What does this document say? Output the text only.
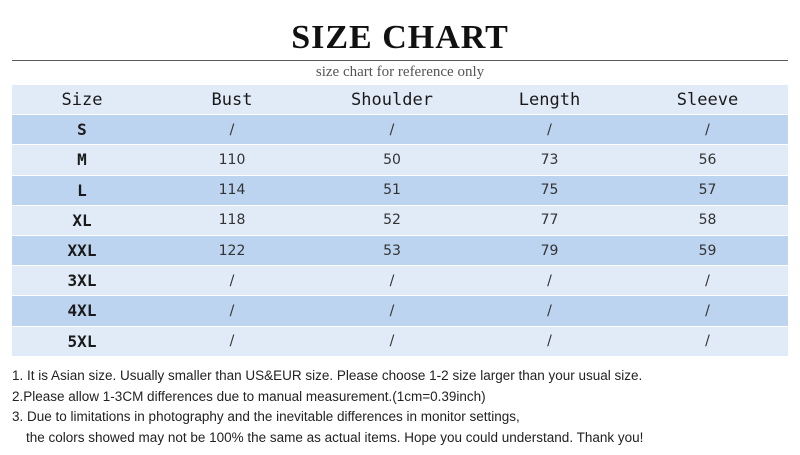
SIZE CHART
size chart for reference only
Size	Bust	Shoulder	Length	Sleeve
S	/	/	/	/
M	110	50	73	56
L	114	51	75	57
XL	118	52	77	58
XXL	122	53	79	59
3XL	/	/	/	/
4XL	/	/	/	/
5XL	/	/	/	/

1. It is Asian size. Usually smaller than US&EUR size. Please choose 1-2 size larger than your usual size.

2.Please allow 1-3CM differences due to manual measurement.(1cm=0.39inch)

3. Due to limitations in photography and the inevitable differences in monitor settings,

the colors showed may not be 100% the same as actual items. Hope you could understand. Thank you!
